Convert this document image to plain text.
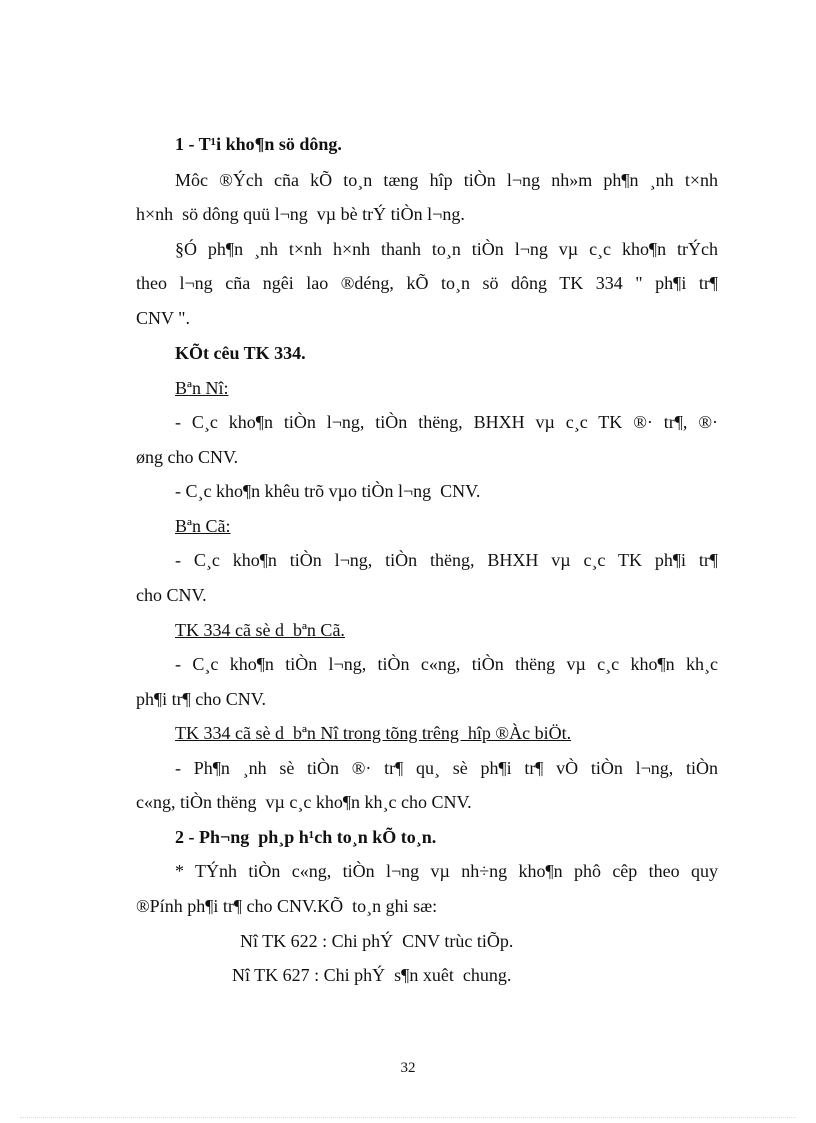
1 - T¹i kho¶n sö dông.
Môc ®Ých cña kÕ to¸n tæng hîp tiÒn l¬ng nh»m ph¶n ¸nh t×nh
h×nh  sö dông quü l¬ng  vµ bè trÝ tiÒn l¬ng.
§Ó ph¶n ¸nh t×nh h×nh thanh to¸n tiÒn l¬ng vµ c¸c kho¶n trÝch
theo l¬ng cña ngêi lao ®déng, kÕ to¸n sö dông TK 334 " ph¶i tr¶
CNV ".
KÕt cêu TK 334.
Bªn Nî:
- C¸c kho¶n tiÒn l¬ng, tiÒn thëng, BHXH vµ c¸c TK ®· tr¶, ®·
øng cho CNV.
- C¸c kho¶n khêu trõ vµo tiÒn l¬ng  CNV.
Bªn Cã:
- C¸c kho¶n tiÒn l¬ng, tiÒn thëng, BHXH vµ c¸c TK ph¶i tr¶
cho CNV.
TK 334 cã sè d  bªn Cã.
- C¸c kho¶n tiÒn l¬ng, tiÒn c«ng, tiÒn thëng vµ c¸c kho¶n kh¸c
ph¶i tr¶ cho CNV.
TK 334 cã sè d  bªn Nî trong tõng trêng  hîp ®Àc biÖt.
- Ph¶n ¸nh sè tiÒn ®· tr¶ qu¸ sè ph¶i tr¶ vÒ tiÒn l¬ng, tiÒn
c«ng, tiÒn thëng  vµ c¸c kho¶n kh¸c cho CNV.
2 - Ph¬ng  ph¸p h¹ch to¸n kÕ to¸n.
* TÝnh tiÒn c«ng, tiÒn l¬ng vµ nh÷ng kho¶n phô cêp theo quy
®Pính ph¶i tr¶ cho CNV.KÕ  to¸n ghi sæ:
Nî TK 622 : Chi phÝ  CNV trùc tiÕp.
Nî TK 627 : Chi phÝ  s¶n xuêt  chung.
32
